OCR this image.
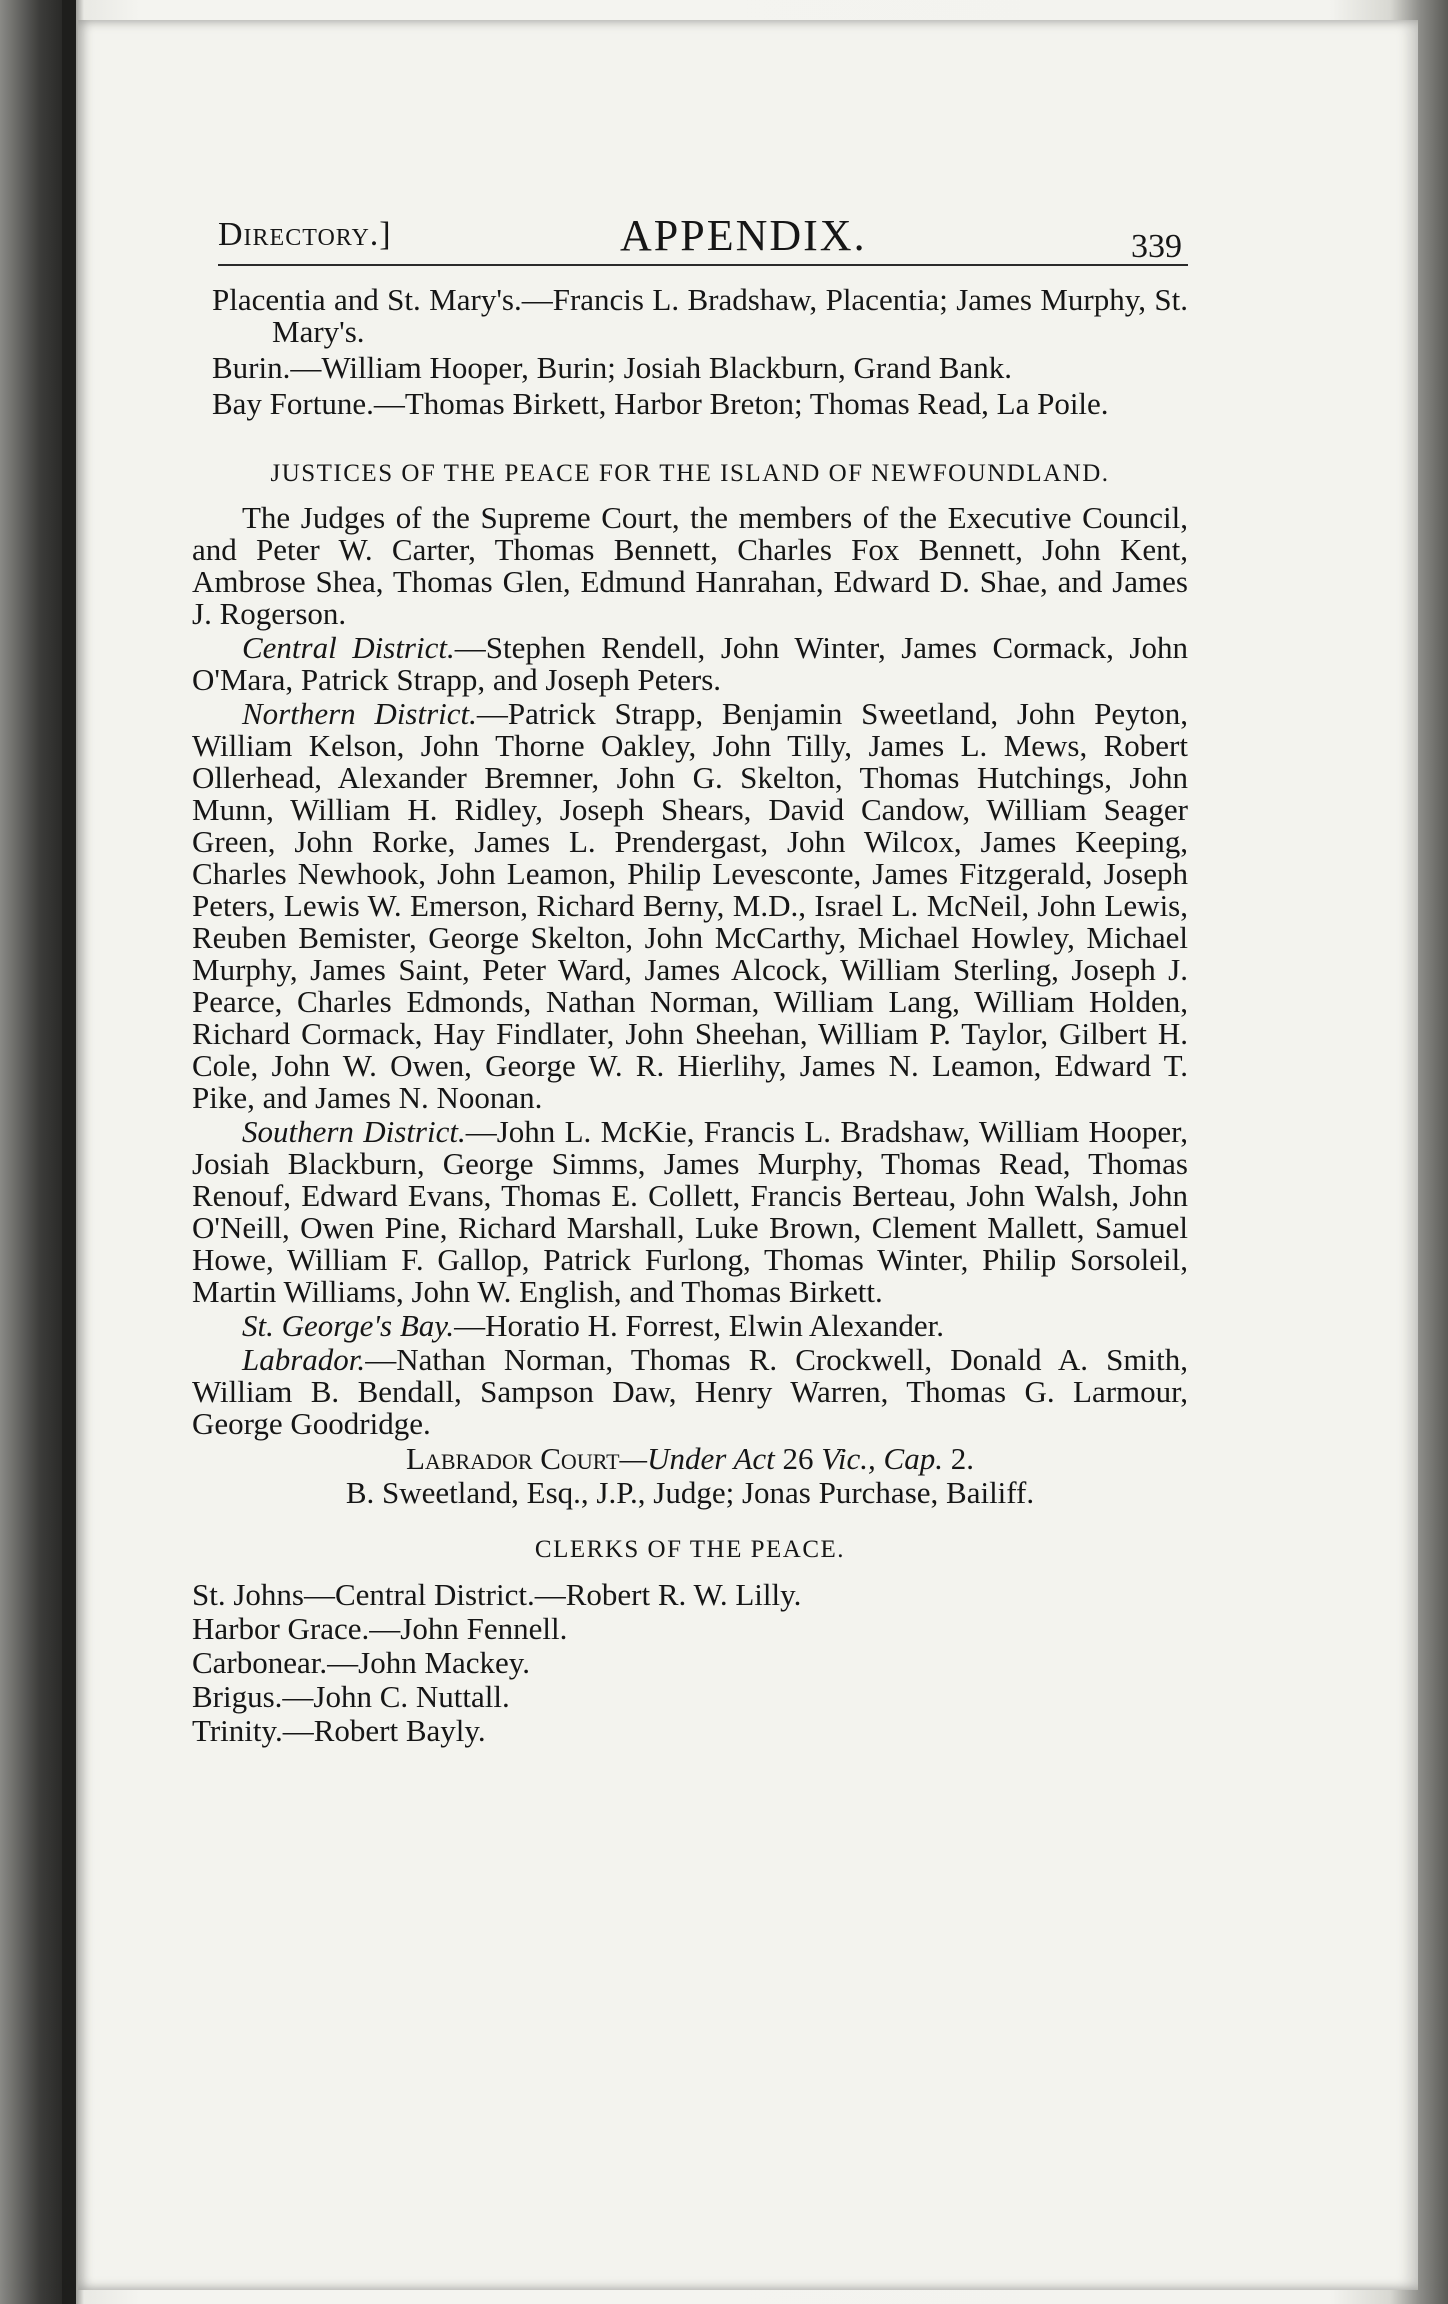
Directory.]	APPENDIX.	339

Placentia and St. Mary's.—Francis L. Bradshaw, Placentia; James Murphy, St. Mary's.

Burin.—William Hooper, Burin; Josiah Blackburn, Grand Bank.

Bay Fortune.—Thomas Birkett, Harbor Breton; Thomas Read, La Poile.

JUSTICES OF THE PEACE FOR THE ISLAND OF NEWFOUNDLAND.

The Judges of the Supreme Court, the members of the Executive Council, and Peter W. Carter, Thomas Bennett, Charles Fox Bennett, John Kent, Ambrose Shea, Thomas Glen, Edmund Hanrahan, Edward D. Shae, and James J. Rogerson.

Central District.—Stephen Rendell, John Winter, James Cormack, John O'Mara, Patrick Strapp, and Joseph Peters.

Northern District.—Patrick Strapp, Benjamin Sweetland, John Peyton, William Kelson, John Thorne Oakley, John Tilly, James L. Mews, Robert Ollerhead, Alexander Bremner, John G. Skelton, Thomas Hutchings, John Munn, William H. Ridley, Joseph Shears, David Candow, William Seager Green, John Rorke, James L. Prendergast, John Wilcox, James Keeping, Charles Newhook, John Leamon, Philip Levescontе, James Fitzgerald, Joseph Peters, Lewis W. Emerson, Richard Berny, M.D., Israel L. McNeil, John Lewis, Reuben Bemister, George Skelton, John McCarthy, Michael Howley, Michael Murphy, James Saint, Peter Ward, James Alcock, William Sterling, Joseph J. Pearce, Charles Edmonds, Nathan Norman, William Lang, William Holden, Richard Cormack, Hay Findlater, John Sheehan, William P. Taylor, Gilbert H. Cole, John W. Owen, George W. R. Hierlihy, James N. Leamon, Edward T. Pike, and James N. Noonan.

Southern District.—John L. McKie, Francis L. Bradshaw, William Hooper, Josiah Blackburn, George Simms, James Murphy, Thomas Read, Thomas Renouf, Edward Evans, Thomas E. Collett, Francis Berteau, John Walsh, John O'Neill, Owen Pine, Richard Marshall, Luke Brown, Clement Mallett, Samuel Howe, William F. Gallop, Patrick Furlong, Thomas Winter, Philip Sorsoleil, Martin Williams, John W. English, and Thomas Birkett.

St. George's Bay.—Horatio H. Forrest, Elwin Alexander.

Labrador.—Nathan Norman, Thomas R. Crockwell, Donald A. Smith, William B. Bendall, Sampson Daw, Henry Warren, Thomas G. Larmour, George Goodridge.

Labrador Court—Under Act 26 Vic., Cap. 2.

B. Sweetland, Esq., J.P., Judge; Jonas Purchase, Bailiff.

CLERKS OF THE PEACE.

St. Johns—Central District.—Robert R. W. Lilly.

Harbor Grace.—John Fennell.

Carbonear.—John Mackey.

Brigus.—John C. Nuttall.

Trinity.—Robert Bayly.
